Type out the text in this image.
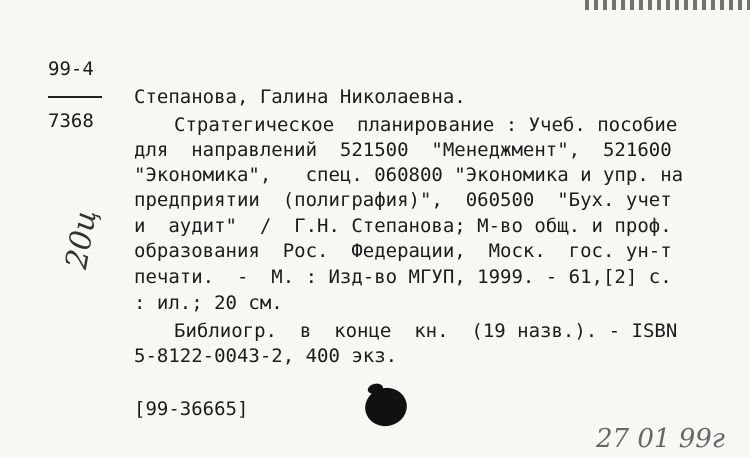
99-4
7368
Степанова, Галина Николаевна.
Стратегическое  планирование : Учеб. пособие
для  направлений  521500  "Менеджмент",  521600
"Экономика",   спец. 060800 "Экономика и упр. на
предприятии  (полиграфия)",  060500  "Бух. учет
и  аудит"  /  Г.Н. Степанова; М-во общ. и проф.
образования  Рос.  Федерации,  Моск.  гос. ун-т
печати.  -  М. : Изд-во МГУП, 1999. - 61,[2] с.
: ил.; 20 см.
Библиогр.  в  конце  кн.  (19 назв.). - ISBN
5-8122-0043-2, 400 экз.
[99-36665]
20ц
27 01 99г
